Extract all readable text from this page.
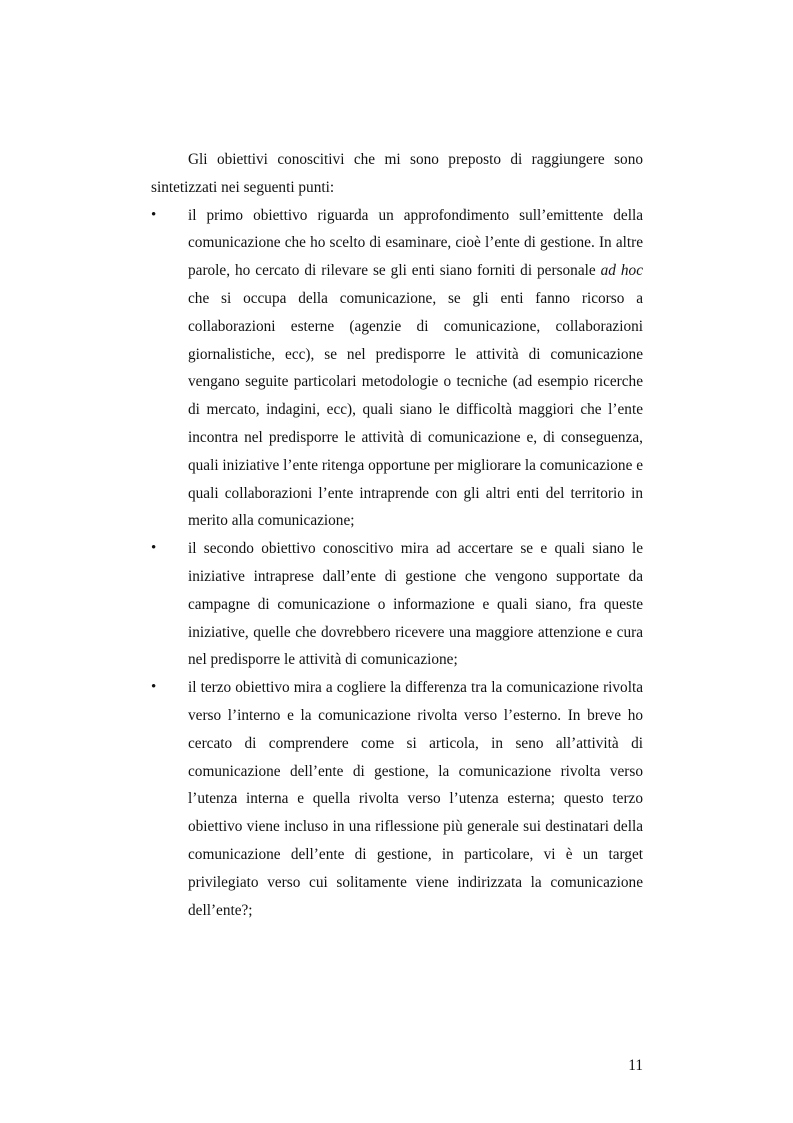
Gli obiettivi conoscitivi che mi sono preposto di raggiungere sono sintetizzati nei seguenti punti:

•	il primo obiettivo riguarda un approfondimento sull’emittente della comunicazione che ho scelto di esaminare, cioè l’ente di gestione. In altre parole, ho cercato di rilevare se gli enti siano forniti di personale ad hoc che si occupa della comunicazione, se gli enti fanno ricorso a collaborazioni esterne (agenzie di comunicazione, collaborazioni giornalistiche, ecc), se nel predisporre le attività di comunicazione vengano seguite particolari metodologie o tecniche (ad esempio ricerche di mercato, indagini, ecc), quali siano le difficoltà maggiori che l’ente incontra nel predisporre le attività di comunicazione e, di conseguenza, quali iniziative l’ente ritenga opportune per migliorare la comunicazione e quali collaborazioni l’ente intraprende con gli altri enti del territorio in merito alla comunicazione;
•	il secondo obiettivo conoscitivo mira ad accertare se e quali siano le iniziative intraprese dall’ente di gestione che vengono supportate da campagne di comunicazione o informazione e quali siano, fra queste iniziative, quelle che dovrebbero ricevere una maggiore attenzione e cura nel predisporre le attività di comunicazione;
•	il terzo obiettivo mira a cogliere la differenza tra la comunicazione rivolta verso l’interno e la comunicazione rivolta verso l’esterno. In breve ho cercato di comprendere come si articola, in seno all’attività di comunicazione dell’ente di gestione, la comunicazione rivolta verso l’utenza interna e quella rivolta verso l’utenza esterna; questo terzo obiettivo viene incluso in una riflessione più generale sui destinatari della comunicazione dell’ente di gestione, in particolare, vi è un target privilegiato verso cui solitamente viene indirizzata la comunicazione dell’ente?;
11
